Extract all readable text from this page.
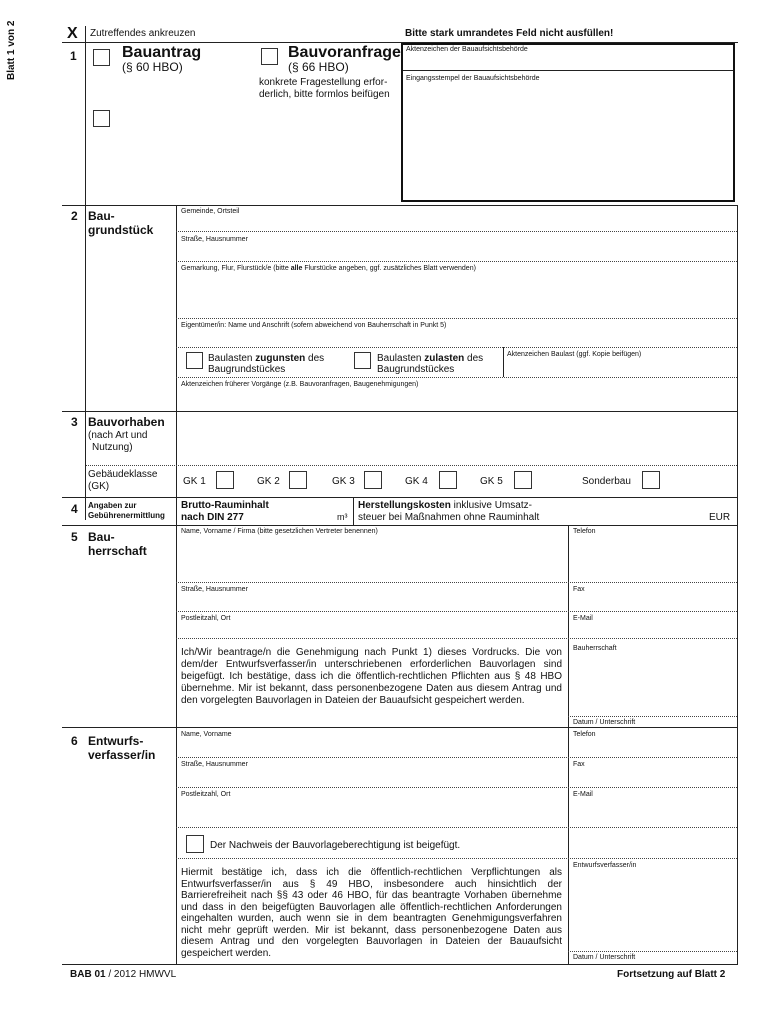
Blatt 1 von 2	X Zutreffendes ankreuzen	Bitte stark umrandetes Feld nicht ausfüllen!
1	Bauantrag
(§ 60 HBO)
Bauvoranfrage
(§ 66 HBO)
konkrete Fragestellung erfor-
derlich, bitte formlos beifügen
Aktenzeichen der Bauaufsichtsbehörde
Eingangsstempel der Bauaufsichtsbehörde
2 Bau-
grundstück
Gemeinde, Ortsteil
Straße, Hausnummer
Gemarkung, Flur, Flurstück/e (bitte alle Flurstücke angeben, ggf. zusätzliches Blatt verwenden)
Eigentümer/in: Name und Anschrift (sofern abweichend von Bauherrschaft in Punkt 5)
Baulasten zugunsten des
Baugrundstückes
Baulasten zulasten des
Baugrundstückes
Aktenzeichen Baulast (ggf. Kopie beifügen)
Aktenzeichen früherer Vorgänge (z.B. Bauvoranfragen, Baugenehmigungen)
3 Bauvorhaben
(nach Art und
Nutzung)
Gebäudeklasse
(GK)	GK 1	GK 2	GK 3	GK 4	GK 5	Sonderbau
4 Angaben zur
Gebührenermittlung
Brutto-Rauminhalt
nach DIN 277	m³
Herstellungskosten inklusive Umsatz-
steuer bei Maßnahmen ohne Rauminhalt	EUR
5 Bau-
herrschaft
Name, Vorname / Firma (bitte gesetzlichen Vertreter benennen)	Telefon
Straße, Hausnummer	Fax
Postleitzahl, Ort	E-Mail
Ich/Wir beantrage/n die Genehmigung nach Punkt 1) dieses Vordrucks. Die von dem/der Entwurfsverfasser/in unterschriebenen erforderlichen Bauvorlagen sind beigefügt. Ich bestätige, dass ich die öffentlich-rechtlichen Pflichten aus § 48 HBO übernehme. Mir ist bekannt, dass personenbezogene Daten aus diesem Antrag und den vorgelegten Bauvorlagen in Dateien der Bauaufsicht gespeichert werden.
Bauherrschaft
Datum / Unterschrift
6 Entwurfs-
verfasser/in
Name, Vorname	Telefon
Straße, Hausnummer	Fax
Postleitzahl, Ort	E-Mail
Der Nachweis der Bauvorlageberechtigung ist beigefügt.
Hiermit bestätige ich, dass ich die öffentlich-rechtlichen Verpflichtungen als Entwurfsverfasser/in aus § 49 HBO, insbesondere auch hinsichtlich der Barrierefreiheit nach §§ 43 oder 46 HBO, für das beantragte Vorhaben übernehme und dass in den beigefügten Bauvorlagen alle öffentlich-rechtlichen Anforderungen eingehalten wurden, auch wenn sie in dem beantragten Genehmigungsverfahren nicht mehr geprüft werden. Mir ist bekannt, dass personenbezogene Daten aus diesem Antrag und den vorgelegten Bauvorlagen in Dateien der Bauaufsicht gespeichert werden.
Entwurfsverfasser/in
Datum / Unterschrift
BAB 01 / 2012 HMWVL	Fortsetzung auf Blatt 2
